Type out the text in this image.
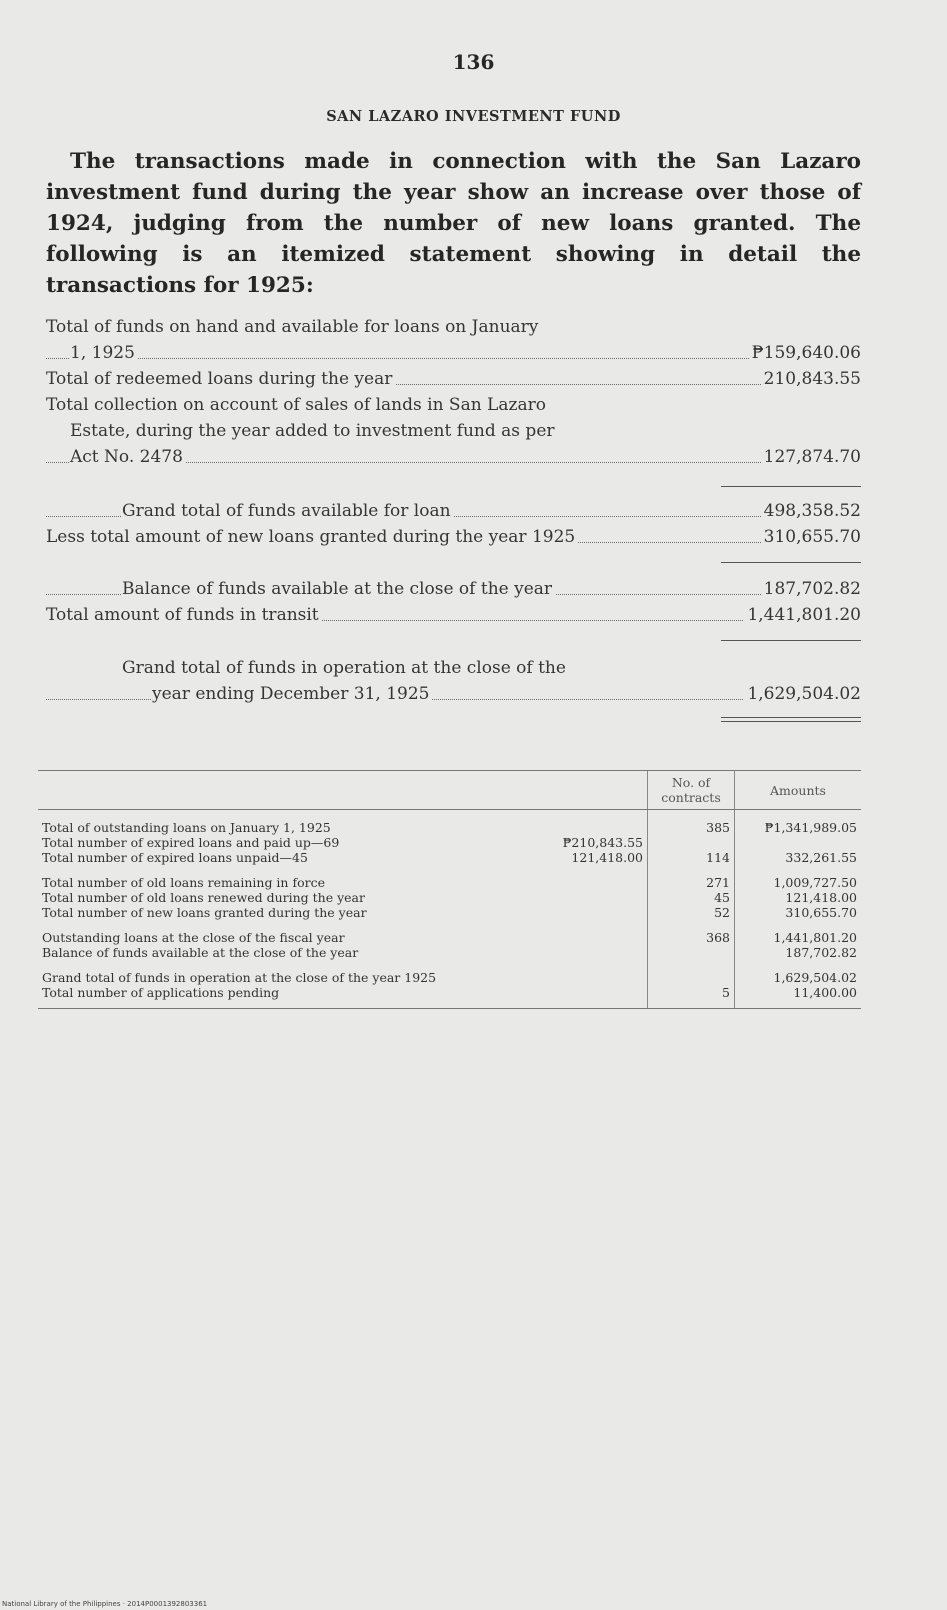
136
SAN LAZARO INVESTMENT FUND
The transactions made in connection with the San Lazaro investment fund during the year show an increase over those of 1924, judging from the number of new loans granted. The following is an itemized statement showing in detail the transactions for 1925:
Total of funds on hand and available for loans on January
1, 1925	₱159,640.06
Total of redeemed loans during the year	210,843.55
Total collection on account of sales of lands in San Lazaro
Estate, during the year added to investment fund as per
Act No. 2478	127,874.70
Grand total of funds available for loan	498,358.52
Less total amount of new loans granted during the year 1925	310,655.70
Balance of funds available at the close of the year	187,702.82
Total amount of funds in transit	1,441,801.20
Grand total of funds in operation at the close of the
year ending December 31, 1925	1,629,504.02
	No. of contracts	Amounts

Total of outstanding loans on January 1, 1925	385	₱1,341,989.05
Total number of expired loans and paid up—69 ₱210,843.55		

Total number of expired loans unpaid—45 121,418.00	114	332,261.55

Total number of old loans remaining in force	271	1,009,727.50
Total number of old loans renewed during the year	45	121,418.00
Total number of new loans granted during the year	52	310,655.70

Outstanding loans at the close of the fiscal year	368	1,441,801.20
Balance of funds available at the close of the year		187,702.82

Grand total of funds in operation at the close of the year 1925		1,629,504.02
Total number of applications pending	5	11,400.00
National Library of the Philippines · 2014P0001392803361
